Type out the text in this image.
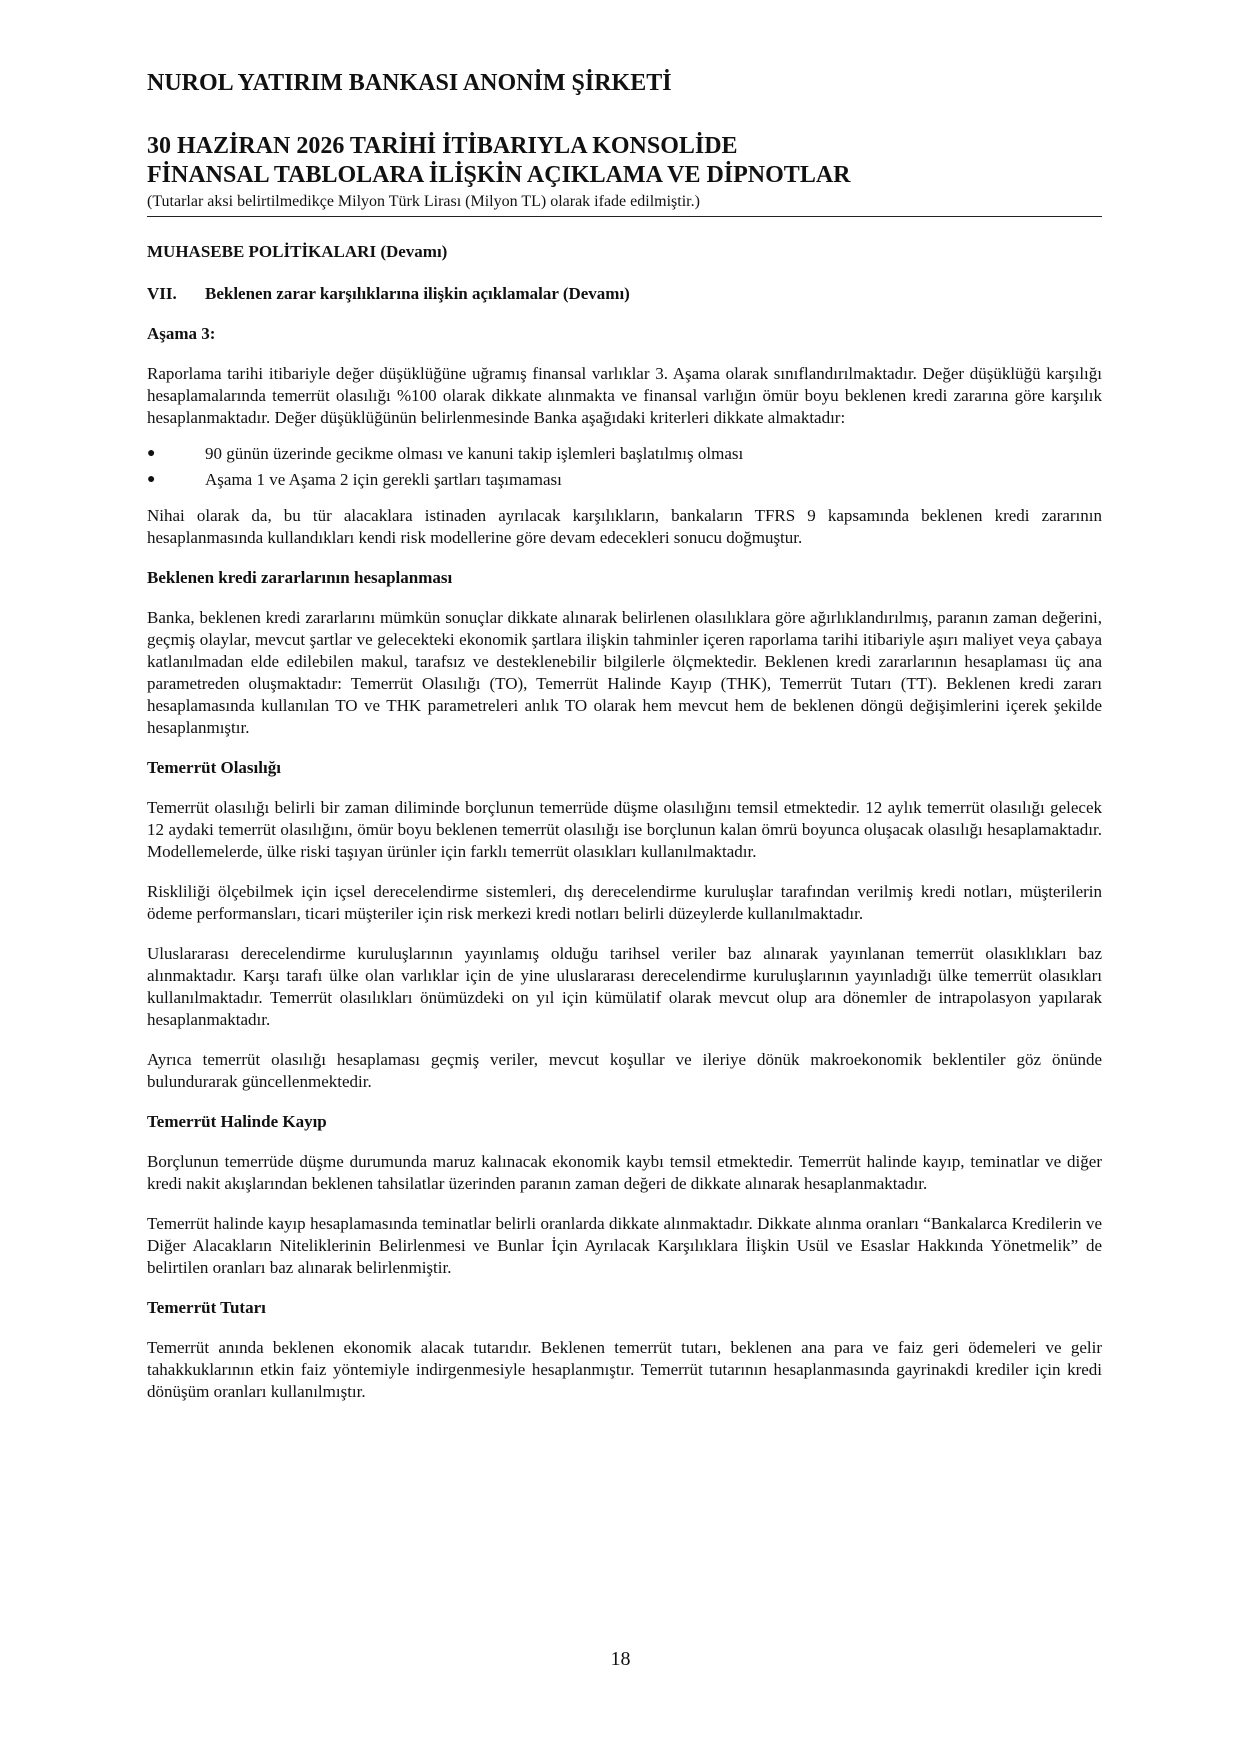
NUROL YATIRIM BANKASI ANONİM ŞİRKETİ
30 HAZİRAN 2026 TARİHİ İTİBARIYLA KONSOLİDE
FİNANSAL TABLOLARA İLİŞKİN AÇIKLAMA VE DİPNOTLAR
(Tutarlar aksi belirtilmedikçe Milyon Türk Lirası (Milyon TL) olarak ifade edilmiştir.)
MUHASEBE POLİTİKALARI (Devamı)
VII.	Beklenen zarar karşılıklarına ilişkin açıklamalar (Devamı)
Aşama 3:

Raporlama tarihi itibariyle değer düşüklüğüne uğramış finansal varlıklar 3. Aşama olarak sınıflandırılmaktadır. Değer düşüklüğü karşılığı hesaplamalarında temerrüt olasılığı %100 olarak dikkate alınmakta ve finansal varlığın ömür boyu beklenen kredi zararına göre karşılık hesaplanmaktadır. Değer düşüklüğünün belirlenmesinde Banka aşağıdaki kriterleri dikkate almaktadır:

●	90 günün üzerinde gecikme olması ve kanuni takip işlemleri başlatılmış olması
●	Aşama 1 ve Aşama 2 için gerekli şartları taşımaması

Nihai olarak da, bu tür alacaklara istinaden ayrılacak karşılıkların, bankaların TFRS 9 kapsamında beklenen kredi zararının hesaplanmasında kullandıkları kendi risk modellerine göre devam edecekleri sonucu doğmuştur.

Beklenen kredi zararlarının hesaplanması

Banka, beklenen kredi zararlarını mümkün sonuçlar dikkate alınarak belirlenen olasılıklara göre ağırlıklandırılmış, paranın zaman değerini, geçmiş olaylar, mevcut şartlar ve gelecekteki ekonomik şartlara ilişkin tahminler içeren raporlama tarihi itibariyle aşırı maliyet veya çabaya katlanılmadan elde edilebilen makul, tarafsız ve desteklenebilir bilgilerle ölçmektedir. Beklenen kredi zararlarının hesaplaması üç ana parametreden oluşmaktadır: Temerrüt Olasılığı (TO), Temerrüt Halinde Kayıp (THK), Temerrüt Tutarı (TT). Beklenen kredi zararı hesaplamasında kullanılan TO ve THK parametreleri anlık TO olarak hem mevcut hem de beklenen döngü değişimlerini içerek şekilde hesaplanmıştır.

Temerrüt Olasılığı

Temerrüt olasılığı belirli bir zaman diliminde borçlunun temerrüde düşme olasılığını temsil etmektedir. 12 aylık temerrüt olasılığı gelecek 12 aydaki temerrüt olasılığını, ömür boyu beklenen temerrüt olasılığı ise borçlunun kalan ömrü boyunca oluşacak olasılığı hesaplamaktadır. Modellemelerde, ülke riski taşıyan ürünler için farklı temerrüt olasıkları kullanılmaktadır.

Riskliliği ölçebilmek için içsel derecelendirme sistemleri, dış derecelendirme kuruluşlar tarafından verilmiş kredi notları, müşterilerin ödeme performansları, ticari müşteriler için risk merkezi kredi notları belirli düzeylerde kullanılmaktadır.

Uluslararası derecelendirme kuruluşlarının yayınlamış olduğu tarihsel veriler baz alınarak yayınlanan temerrüt olasıklıkları baz alınmaktadır. Karşı tarafı ülke olan varlıklar için de yine uluslararası derecelendirme kuruluşlarının yayınladığı ülke temerrüt olasıkları kullanılmaktadır. Temerrüt olasılıkları önümüzdeki on yıl için kümülatif olarak mevcut olup ara dönemler de intrapolasyon yapılarak hesaplanmaktadır.

Ayrıca temerrüt olasılığı hesaplaması geçmiş veriler, mevcut koşullar ve ileriye dönük makroekonomik beklentiler göz önünde bulundurarak güncellenmektedir.

Temerrüt Halinde Kayıp

Borçlunun temerrüde düşme durumunda maruz kalınacak ekonomik kaybı temsil etmektedir. Temerrüt halinde kayıp, teminatlar ve diğer kredi nakit akışlarından beklenen tahsilatlar üzerinden paranın zaman değeri de dikkate alınarak hesaplanmaktadır.

Temerrüt halinde kayıp hesaplamasında teminatlar belirli oranlarda dikkate alınmaktadır. Dikkate alınma oranları “Bankalarca Kredilerin ve Diğer Alacakların Niteliklerinin Belirlenmesi ve Bunlar İçin Ayrılacak Karşılıklara İlişkin Usül ve Esaslar Hakkında Yönetmelik” de belirtilen oranları baz alınarak belirlenmiştir.

Temerrüt Tutarı

Temerrüt anında beklenen ekonomik alacak tutarıdır. Beklenen temerrüt tutarı, beklenen ana para ve faiz geri ödemeleri ve gelir tahakkuklarının etkin faiz yöntemiyle indirgenmesiyle hesaplanmıştır. Temerrüt tutarının hesaplanmasında gayrinakdi krediler için kredi dönüşüm oranları kullanılmıştır.

18
